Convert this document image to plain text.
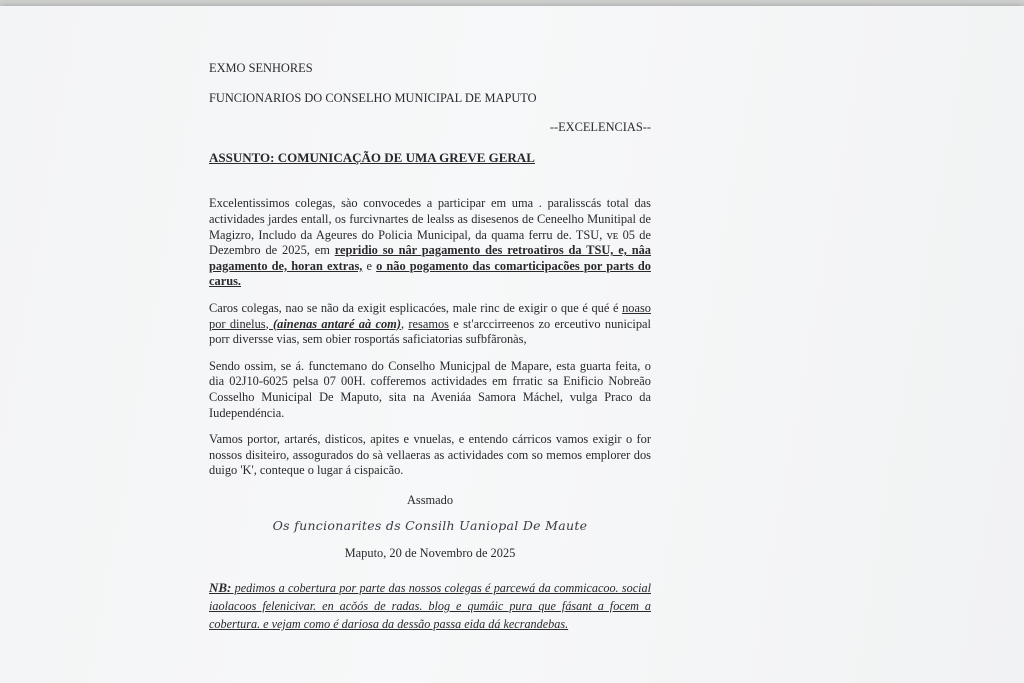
EXMO SENHORES

FUNCIONARIOS DO CONSELHO MUNICIPAL DE MAPUTO

--EXCELENCIAS--

ASSUNTO: COMUNICAÇÃO DE UMA GREVE GERAL

Excelentissimos colegas, sào convocedes a participar em uma . paralisscás total das actividades jardes entall, os furcivnartes de lealss as disesenos de Ceneelho Munitipal de Magizro, Includo da Ageures do Policia Municipal, da quama ferru de. TSU, ᴠᴇ 05 de Dezembro de 2025, em repridio so nâr pagamento des retroatiros da TSU, e, nâa pagamento de, horan extras, e o não pogamento das comarticipacões por parts do carus.

Caros colegas, nao se não da exigit esplicacóes, male rinc de exigir o que é qué é noaso por dinelus, (ainenas antaré aà com), resamos e st'arccirreenos zo erceutivo nunicipal porr diversse vias, sem obier rosportás saficiatorias sufbfãronàs,

Sendo ossim, se á. functemano do Conselho Municjpal de Mapare, esta guarta feita, o dia 02J10-6025 pelsa 07 00H. cofferemos actividades em frratic sa Enificio Nobreão Cosselho Municipal De Maputo, sita na Aveniáa Samora Máchel, vulga Praco da Iudependéncia.

Vamos portor, artarés, disticos, apites e vnuelas, e entendo cárricos vamos exigir o for nossos disiteiro, assogurados do sà vellaeras as actividades com so memos emplorer dos duigo 'K', conteque o lugar á cispaicão.

Assmado

Os funcionarites ds Consilh Uaniopal De Maute

Maputo, 20 de Novembro de 2025

NB: pedimos a cobertura por parte das nossos colegas é parcewá da commicacoo. social iaolacoos felenicivar. en acǒós de radas. blog e qumáic pura que fásant a focem a cobertura. e vejam como é dariosa da dessão passa eida dá kecrandebas.
